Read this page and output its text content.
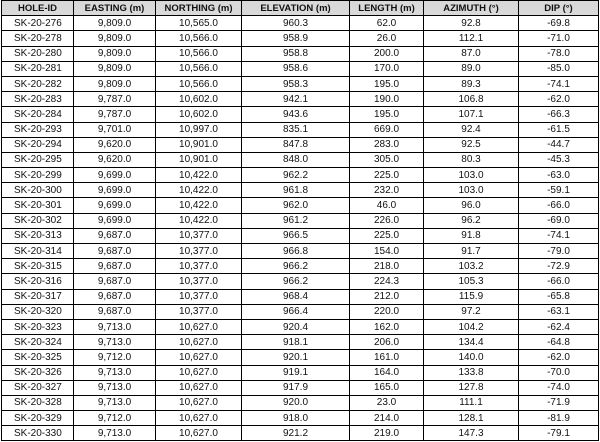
HOLE-ID	EASTING (m)	NORTHING (m)	ELEVATION (m)	LENGTH (m)	AZIMUTH (°)	DIP (°)
SK-20-276	9,809.0	10,565.0	960.3	62.0	92.8	-69.8
SK-20-278	9,809.0	10,566.0	958.9	26.0	112.1	-71.0
SK-20-280	9,809.0	10,566.0	958.8	200.0	87.0	-78.0
SK-20-281	9,809.0	10,566.0	958.6	170.0	89.0	-85.0
SK-20-282	9,809.0	10,566.0	958.3	195.0	89.3	-74.1
SK-20-283	9,787.0	10,602.0	942.1	190.0	106.8	-62.0
SK-20-284	9,787.0	10,602.0	943.6	195.0	107.1	-66.3
SK-20-293	9,701.0	10,997.0	835.1	669.0	92.4	-61.5
SK-20-294	9,620.0	10,901.0	847.8	283.0	92.5	-44.7
SK-20-295	9,620.0	10,901.0	848.0	305.0	80.3	-45.3
SK-20-299	9,699.0	10,422.0	962.2	225.0	103.0	-63.0
SK-20-300	9,699.0	10,422.0	961.8	232.0	103.0	-59.1
SK-20-301	9,699.0	10,422.0	962.0	46.0	96.0	-66.0
SK-20-302	9,699.0	10,422.0	961.2	226.0	96.2	-69.0
SK-20-313	9,687.0	10,377.0	966.5	225.0	91.8	-74.1
SK-20-314	9,687.0	10,377.0	966.8	154.0	91.7	-79.0
SK-20-315	9,687.0	10,377.0	966.2	218.0	103.2	-72.9
SK-20-316	9,687.0	10,377.0	966.2	224.3	105.3	-66.0
SK-20-317	9,687.0	10,377.0	968.4	212.0	115.9	-65.8
SK-20-320	9,687.0	10,377.0	966.4	220.0	97.2	-63.1
SK-20-323	9,713.0	10,627.0	920.4	162.0	104.2	-62.4
SK-20-324	9,713.0	10,627.0	918.1	206.0	134.4	-64.8
SK-20-325	9,712.0	10,627.0	920.1	161.0	140.0	-62.0
SK-20-326	9,713.0	10,627.0	919.1	164.0	133.8	-70.0
SK-20-327	9,713.0	10,627.0	917.9	165.0	127.8	-74.0
SK-20-328	9,713.0	10,627.0	920.0	23.0	111.1	-71.9
SK-20-329	9,712.0	10,627.0	918.0	214.0	128.1	-81.9
SK-20-330	9,713.0	10,627.0	921.2	219.0	147.3	-79.1
